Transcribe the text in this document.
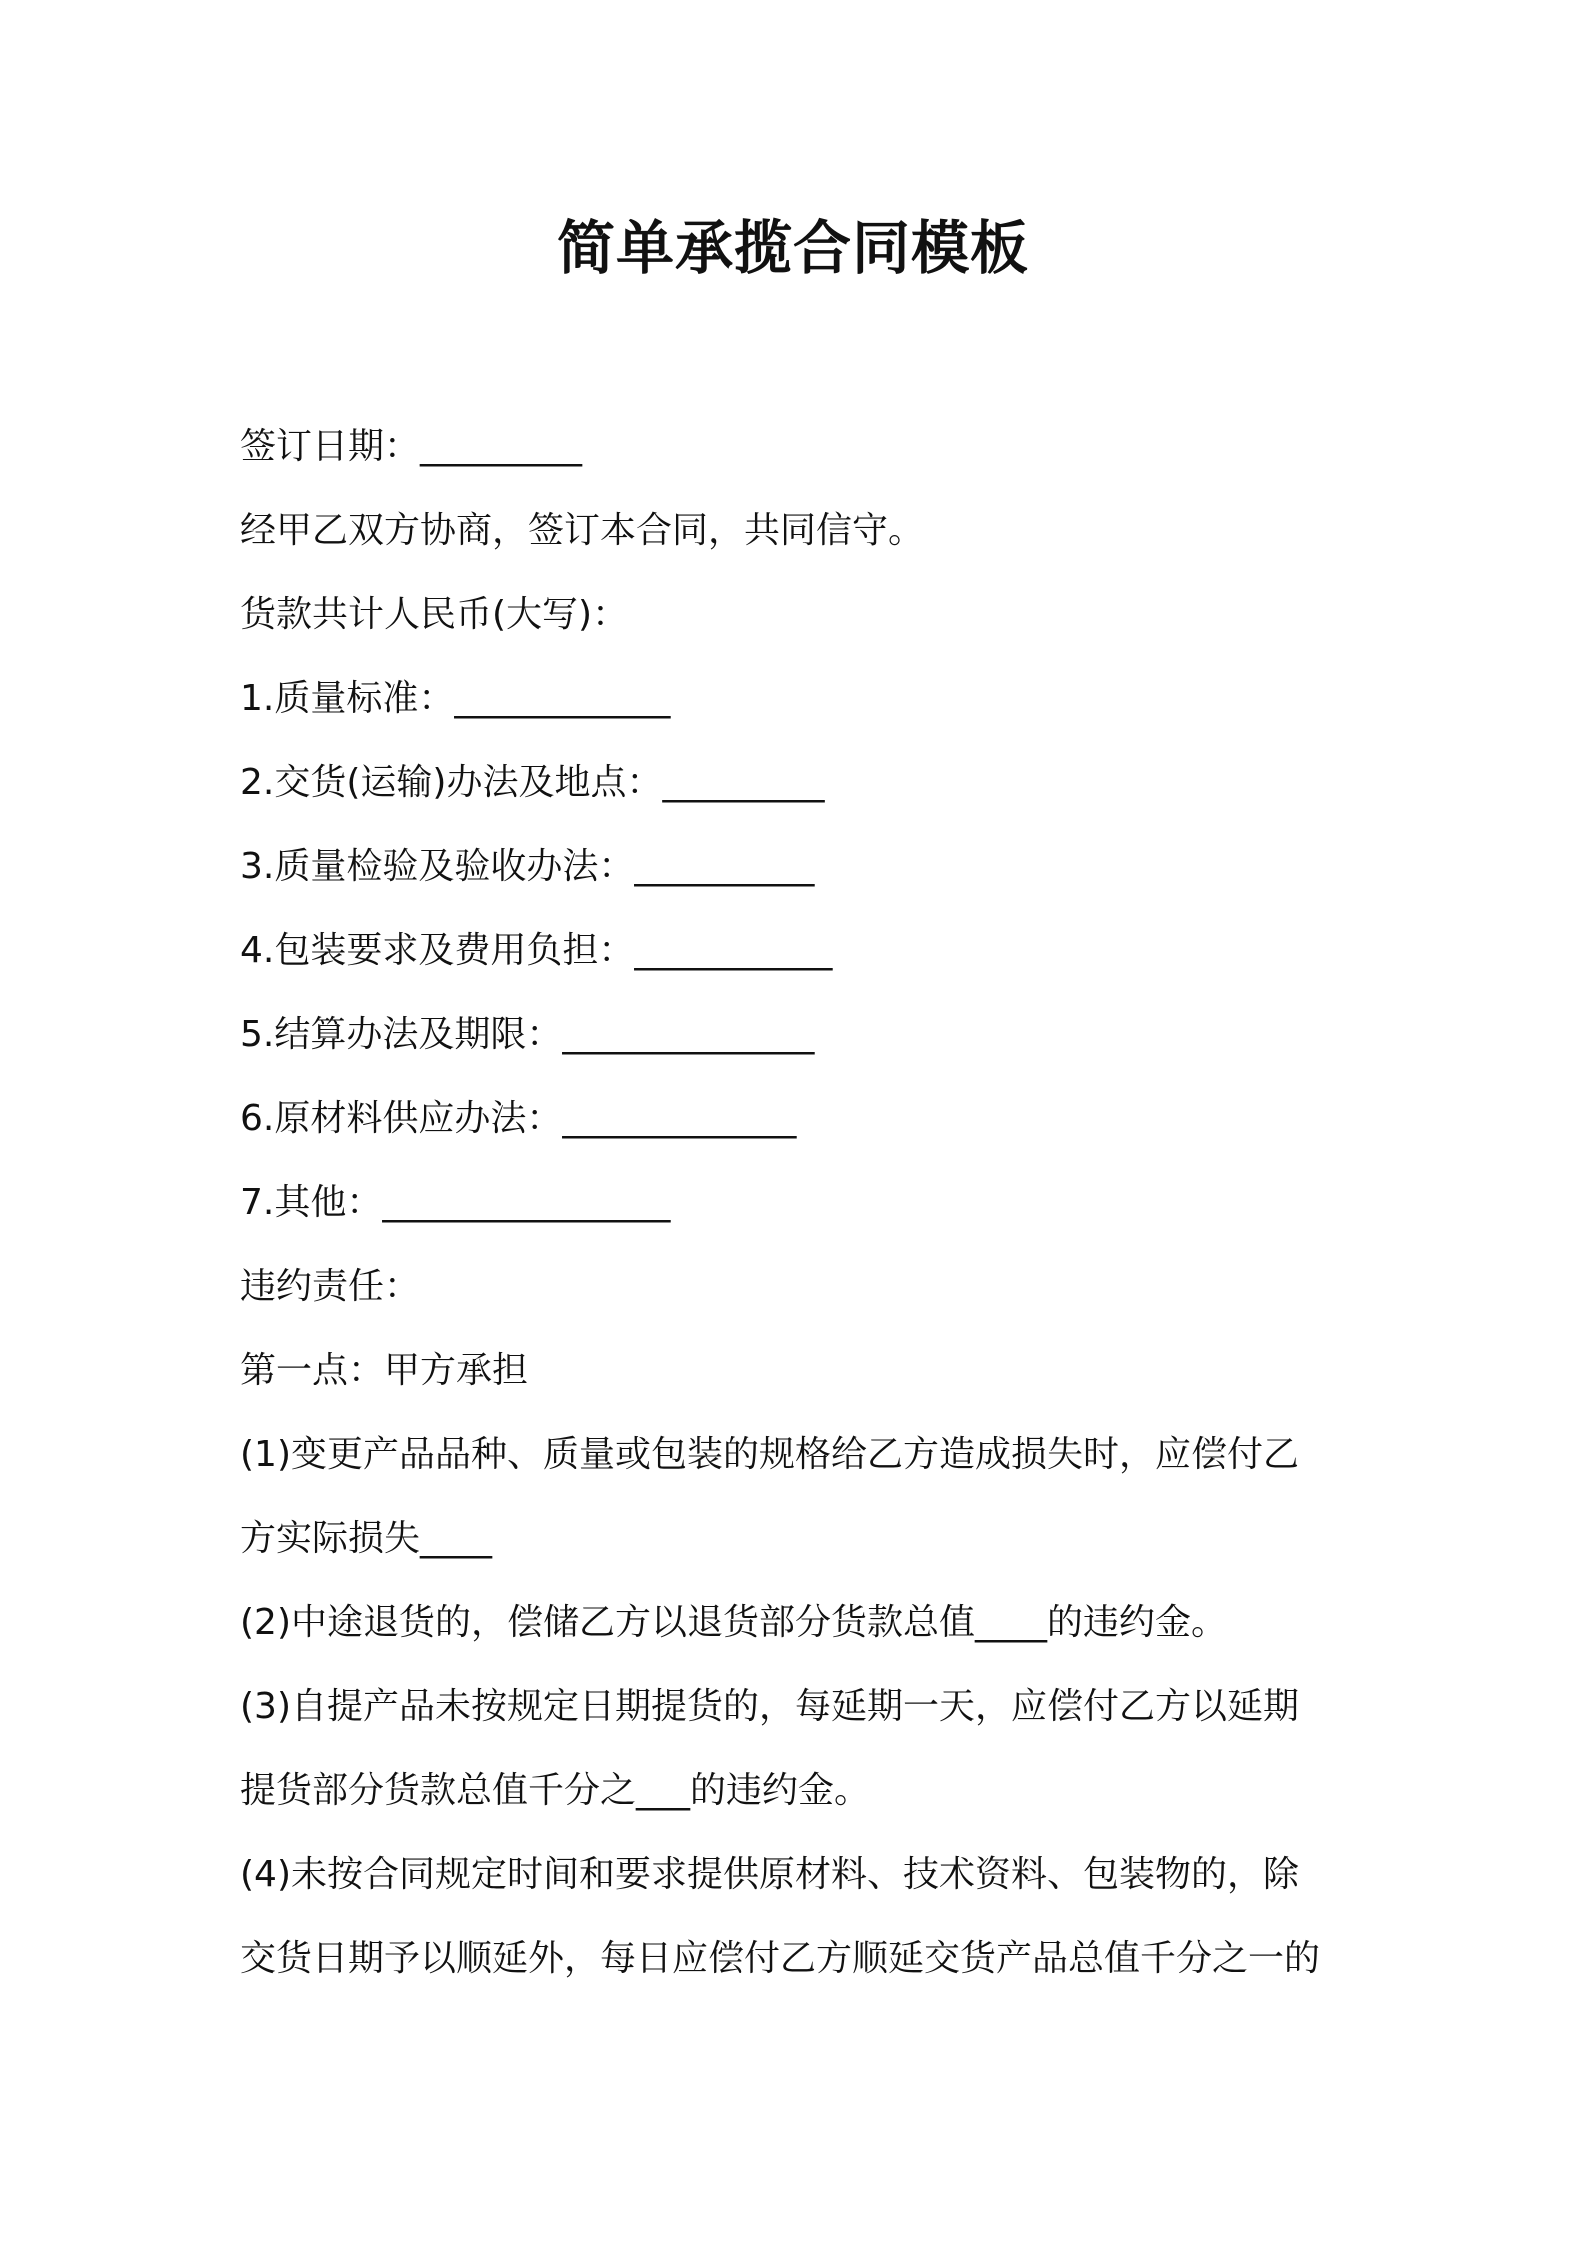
简单承揽合同模板
签订日期：_________
经甲乙双方协商，签订本合同，共同信守。
货款共计人民币(大写)：
1.质量标准：____________
2.交货(运输)办法及地点：_________
3.质量检验及验收办法：__________
4.包装要求及费用负担：___________
5.结算办法及期限：______________
6.原材料供应办法：_____________
7.其他：________________
违约责任：
第一点：甲方承担
(1)变更产品品种、质量或包装的规格给乙方造成损失时，应偿付乙
方实际损失____
(2)中途退货的，偿储乙方以退货部分货款总值____的违约金。
(3)自提产品未按规定日期提货的，每延期一天，应偿付乙方以延期
提货部分货款总值千分之___的违约金。
(4)未按合同规定时间和要求提供原材料、技术资料、包装物的，除
交货日期予以顺延外，每日应偿付乙方顺延交货产品总值千分之一的
